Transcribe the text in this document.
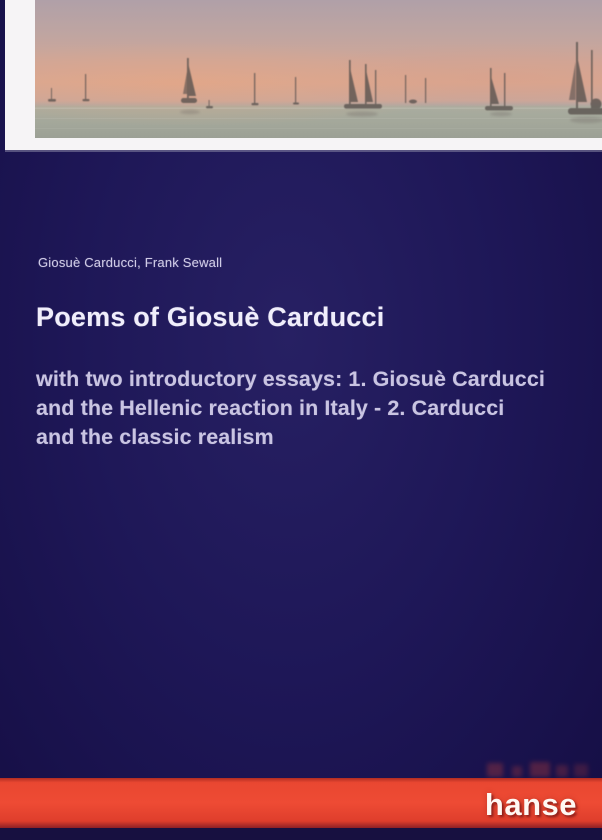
Giosuè Carducci, Frank Sewall
Poems of Giosuè Carducci
with two introductory essays: 1. Giosuè Carducci
and the Hellenic reaction in Italy - 2. Carducci
and the classic realism
hanse
